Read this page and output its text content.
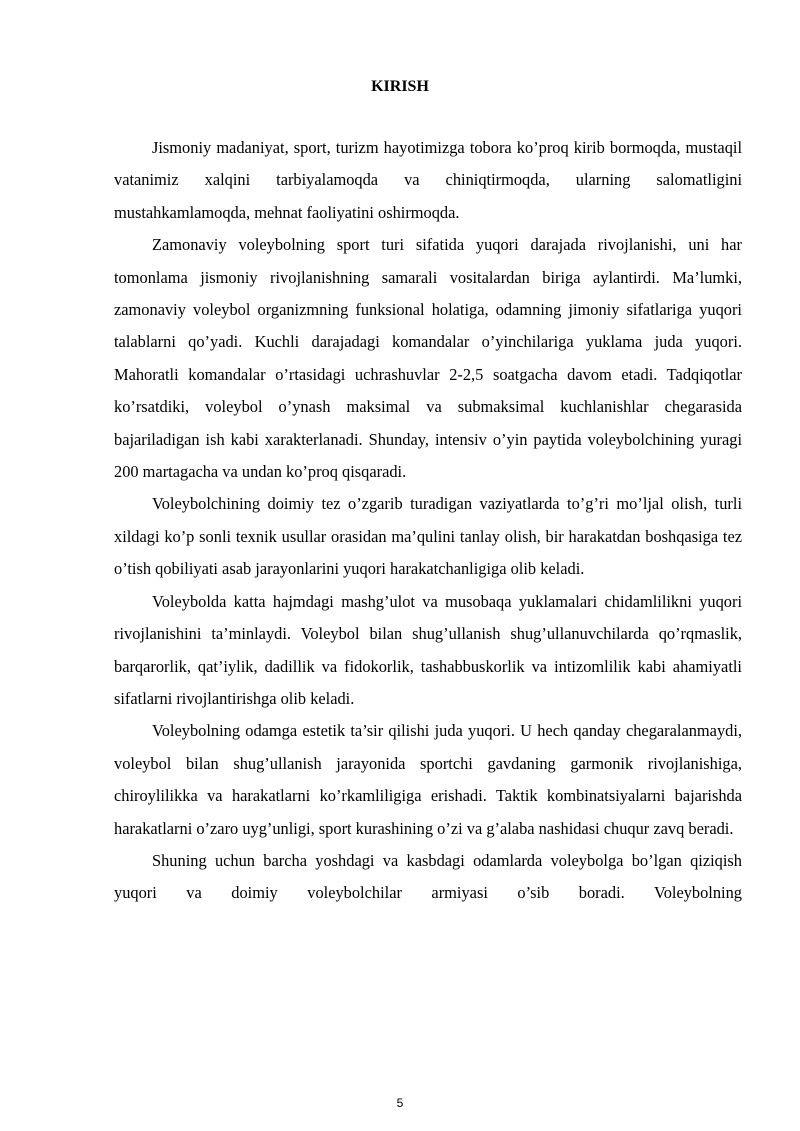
KIRISH

Jismoniy madaniyat, sport, turizm hayotimizga tobora ko’proq kirib bormoqda, mustaqil vatanimiz xalqini tarbiyalamoqda va chiniqtirmoqda, ularning salomatligini mustahkamlamoqda, mehnat faoliyatini oshirmoqda.

Zamonaviy voleybolning sport turi sifatida yuqori darajada rivojlanishi, uni har tomonlama jismoniy rivojlanishning samarali vositalardan biriga aylantirdi. Ma’lumki, zamonaviy voleybol organizmning funksional holatiga, odamning jimoniy sifatlariga yuqori talablarni qo’yadi. Kuchli darajadagi komandalar o’yinchilariga yuklama juda yuqori. Mahoratli komandalar o’rtasidagi uchrashuvlar 2-2,5 soatgacha davom etadi. Tadqiqotlar ko’rsatdiki, voleybol o’ynash maksimal va submaksimal kuchlanishlar chegarasida bajariladigan ish kabi xarakterlanadi. Shunday, intensiv o’yin paytida voleybolchining yuragi 200 martagacha va undan ko’proq qisqaradi.

Voleybolchining doimiy tez o’zgarib turadigan vaziyatlarda to’g’ri mo’ljal olish, turli xildagi ko’p sonli texnik usullar orasidan ma’qulini tanlay olish, bir harakatdan boshqasiga tez o’tish qobiliyati asab jarayonlarini yuqori harakatchanligiga olib keladi.

Voleybolda katta hajmdagi mashg’ulot va musobaqa yuklamalari chidamlilikni yuqori rivojlanishini ta’minlaydi. Voleybol bilan shug’ullanish shug’ullanuvchilarda qo’rqmaslik, barqarorlik, qat’iylik, dadillik va fidokorlik, tashabbuskorlik va intizomlilik kabi ahamiyatli sifatlarni rivojlantirishga olib keladi.

Voleybolning odamga estetik ta’sir qilishi juda yuqori. U hech qanday chegaralanmaydi, voleybol bilan shug’ullanish jarayonida sportchi gavdaning garmonik rivojlanishiga, chiroylilikka va harakatlarni ko’rkamliligiga erishadi. Taktik kombinatsiyalarni bajarishda harakatlarni o’zaro uyg’unligi, sport kurashining o’zi va g’alaba nashidasi chuqur zavq beradi.

Shuning uchun barcha yoshdagi va kasbdagi odamlarda voleybolga bo’lgan qiziqish yuqori va doimiy voleybolchilar armiyasi o’sib boradi. Voleybolning

5
